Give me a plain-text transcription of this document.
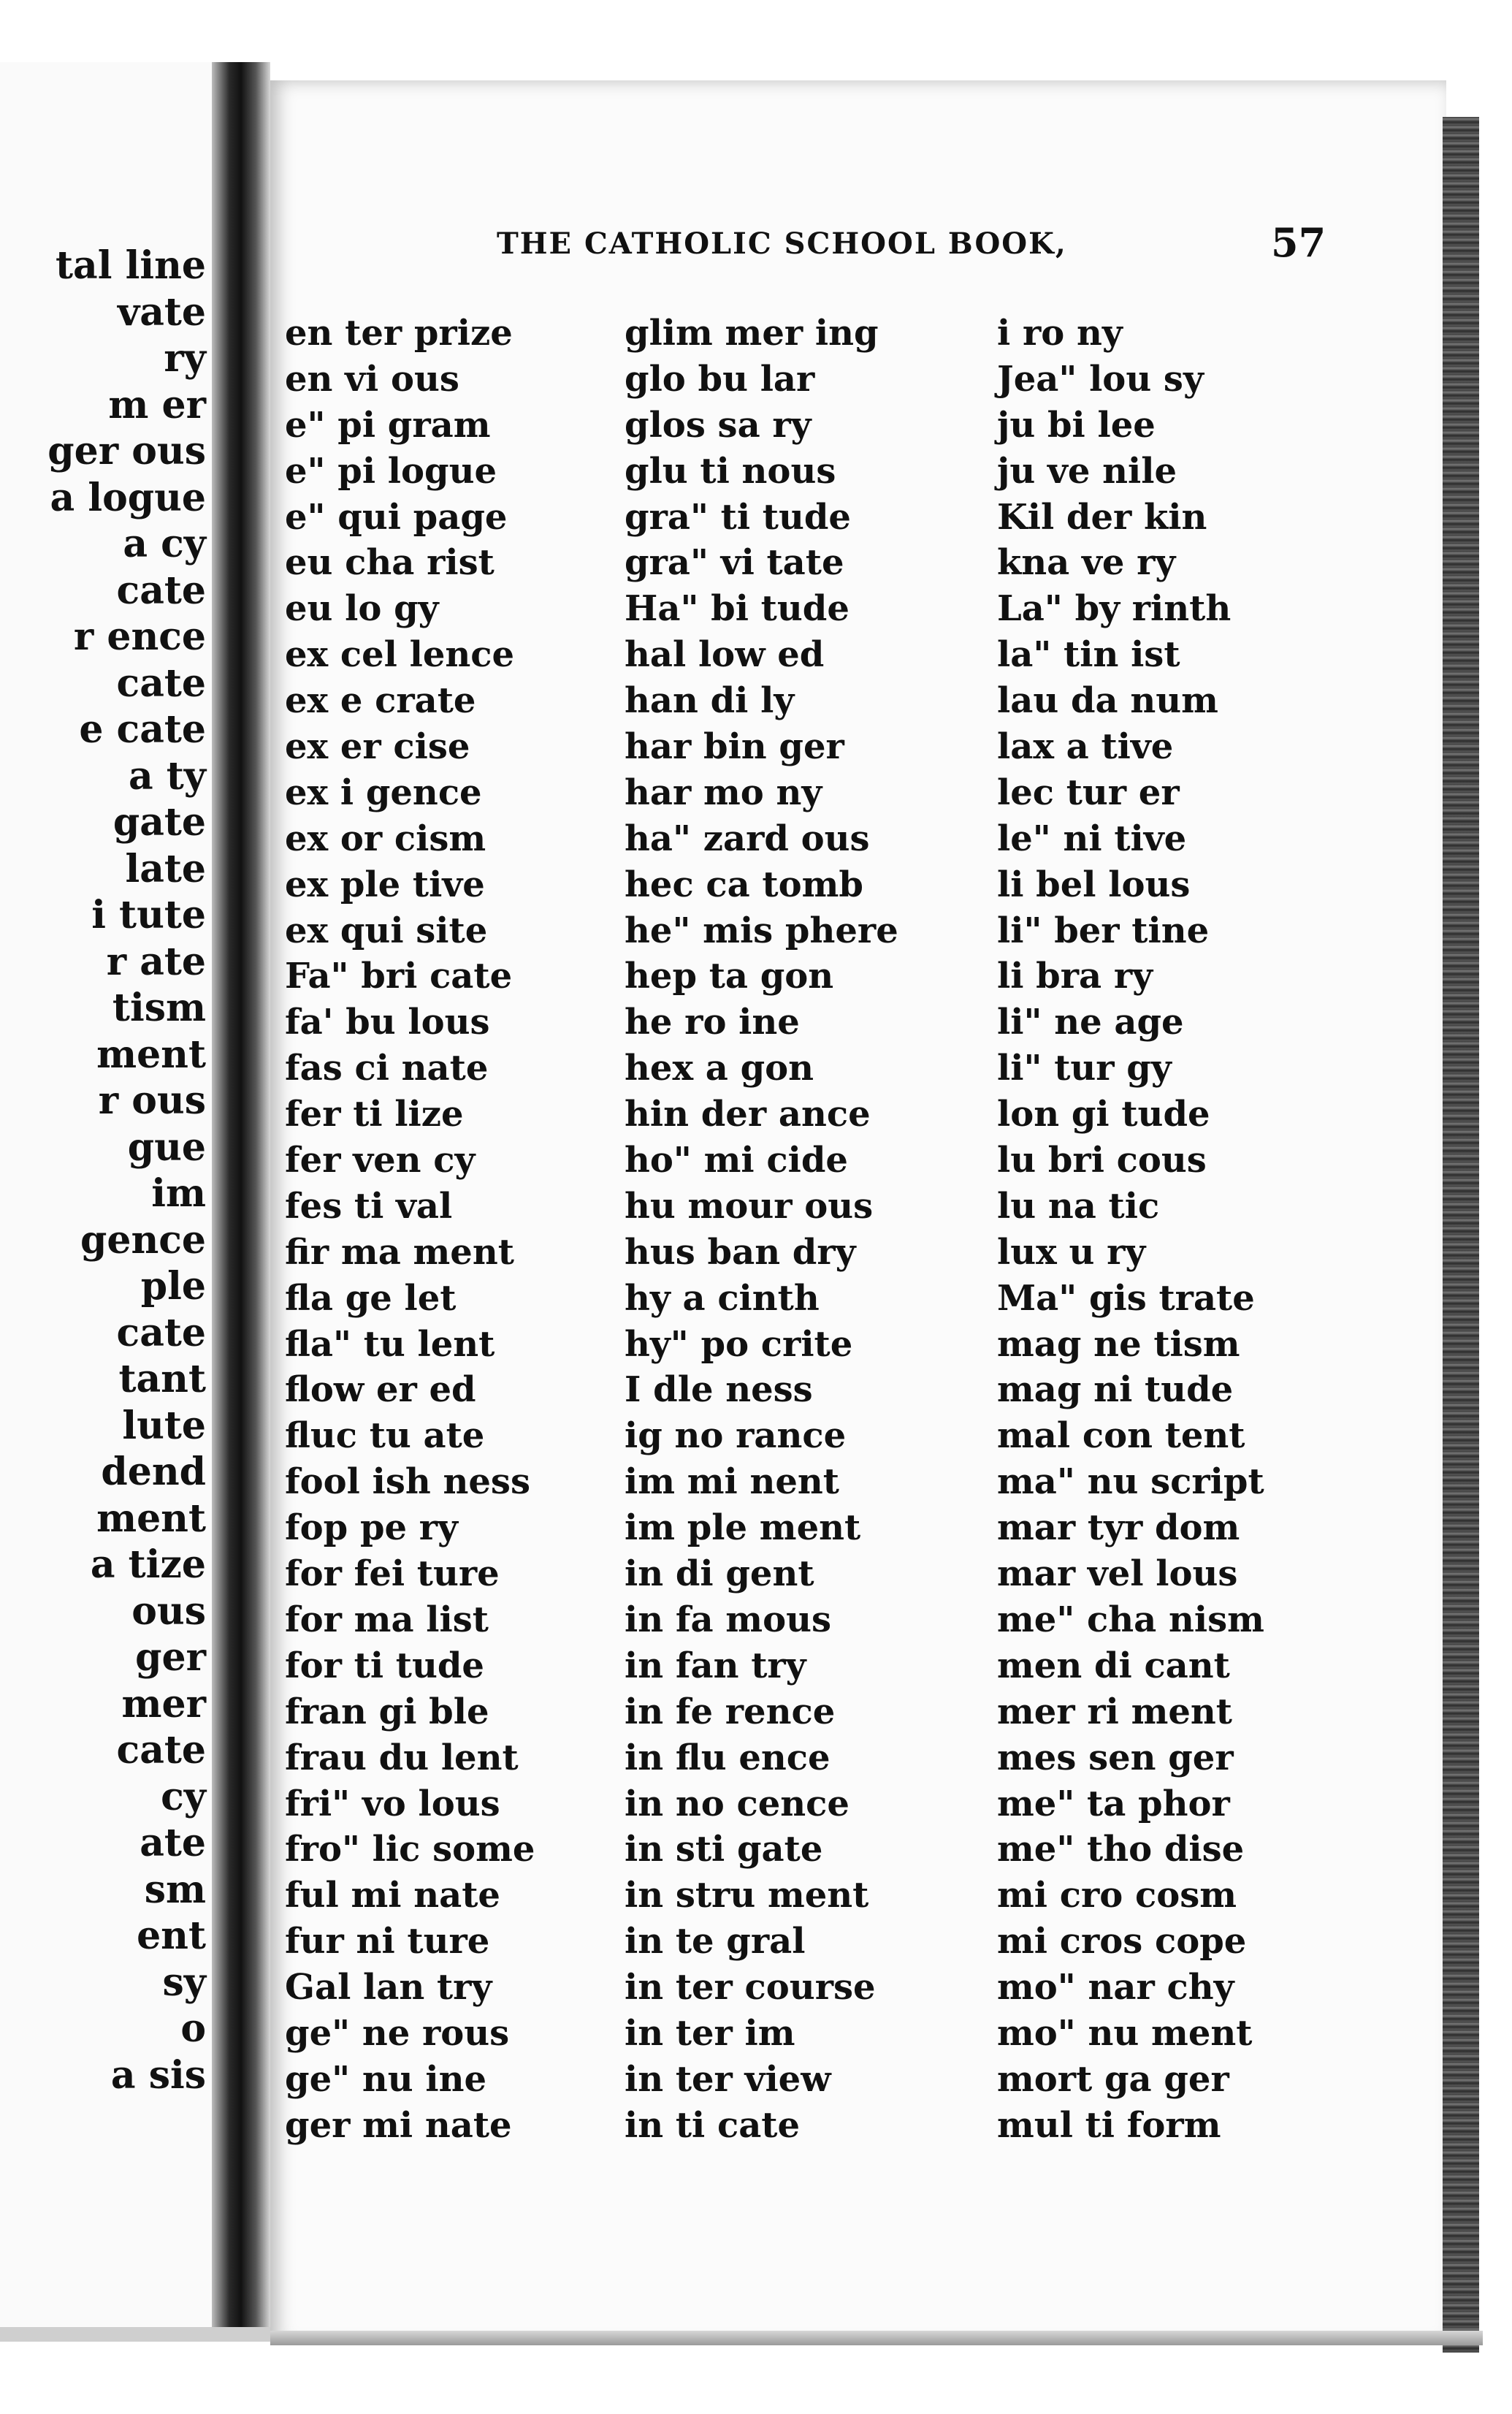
tal line
vate
ry
m er
ger ous
a logue
a cy
cate
r ence
cate
e cate
a ty
gate
late
i tute
r ate
tism
ment
r ous
gue
im
gence
ple
cate
tant
lute
dend
ment
a tize
ous
ger
mer
cate
cy
ate
sm
ent
sy
o
a sis
THE CATHOLIC SCHOOL BOOK,	57
en ter prize
en vi ous
e" pi gram
e" pi logue
e" qui page
eu cha rist
eu lo gy
ex cel lence
ex e crate
ex er cise
ex i gence
ex or cism
ex ple tive
ex qui site
Fa" bri cate
fa' bu lous
fas ci nate
fer ti lize
fer ven cy
fes ti val
fir ma ment
fla ge let
fla" tu lent
flow er ed
fluc tu ate
fool ish ness
fop pe ry
for fei ture
for ma list
for ti tude
fran gi ble
frau du lent
fri" vo lous
fro" lic some
ful mi nate
fur ni ture
Gal lan try
ge" ne rous
ge" nu ine
ger mi nate
glim mer ing
glo bu lar
glos sa ry
glu ti nous
gra" ti tude
gra" vi tate
Ha" bi tude
hal low ed
han di ly
har bin ger
har mo ny
ha" zard ous
hec ca tomb
he" mis phere
hep ta gon
he ro ine
hex a gon
hin der ance
ho" mi cide
hu mour ous
hus ban dry
hy a cinth
hy" po crite
I dle ness
ig no rance
im mi nent
im ple ment
in di gent
in fa mous
in fan try
in fe rence
in flu ence
in no cence
in sti gate
in stru ment
in te gral
in ter course
in ter im
in ter view
in ti cate
i ro ny
Jea" lou sy
ju bi lee
ju ve nile
Kil der kin
kna ve ry
La" by rinth
la" tin ist
lau da num
lax a tive
lec tur er
le" ni tive
li bel lous
li" ber tine
li bra ry
li" ne age
li" tur gy
lon gi tude
lu bri cous
lu na tic
lux u ry
Ma" gis trate
mag ne tism
mag ni tude
mal con tent
ma" nu script
mar tyr dom
mar vel lous
me" cha nism
men di cant
mer ri ment
mes sen ger
me" ta phor
me" tho dise
mi cro cosm
mi cros cope
mo" nar chy
mo" nu ment
mort ga ger
mul ti form
